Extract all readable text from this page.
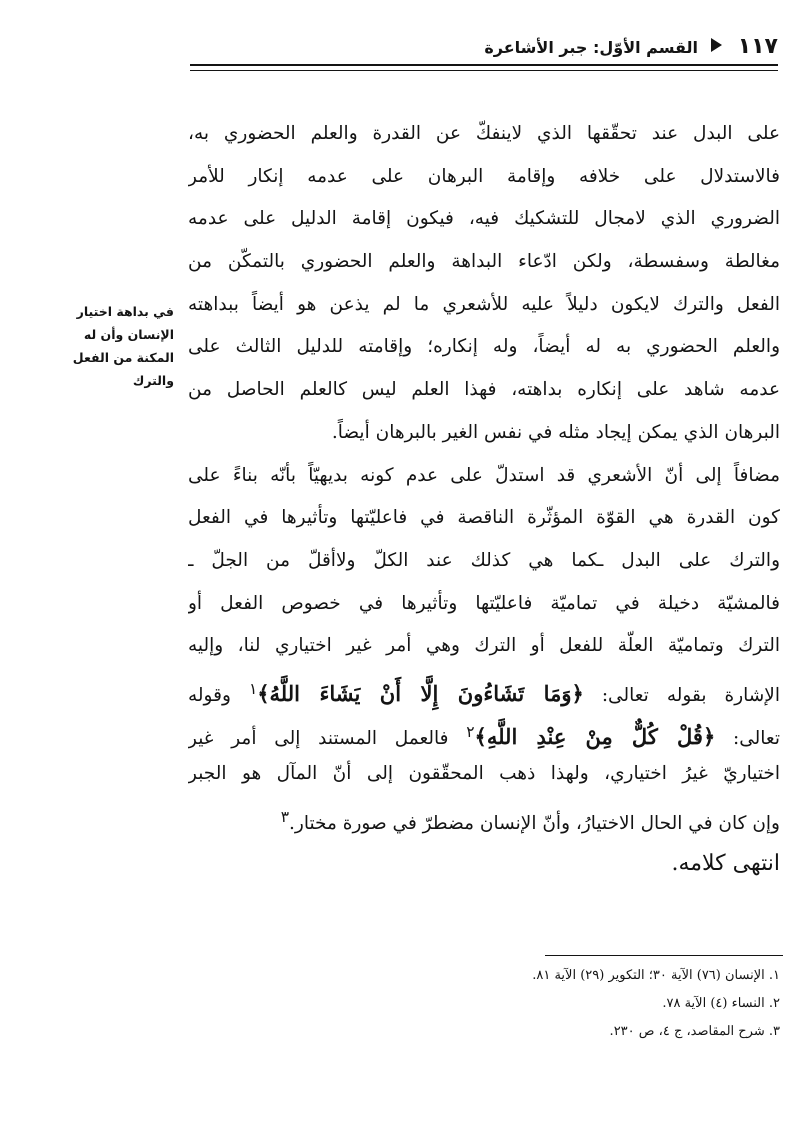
١١٧
القسم الأوّل: جبر الأشاعرة
في بداهة اختيار
الإنسان وأن له
المكنة من الفعل
والترك
على البدل عند تحقّقها الذي لاينفكّ عن القدرة والعلم الحضوري به،
فالاستدلال على خلافه وإقامة البرهان على عدمه إنكار للأمر
الضروري الذي لامجال للتشكيك فيه، فيكون إقامة الدليل على عدمه
مغالطة وسفسطة، ولكن ادّعاء البداهة والعلم الحضوري بالتمكّن من
الفعل والترك لايكون دليلاً عليه للأشعري ما لم يذعن هو أيضاً ببداهته
والعلم الحضوري به له أيضاً، وله إنكاره؛ وإقامته للدليل الثالث على
عدمه شاهد على إنكاره بداهته، فهذا العلم ليس كالعلم الحاصل من
البرهان الذي يمكن إيجاد مثله في نفس الغير بالبرهان أيضاً.
مضافاً إلى أنّ الأشعري قد استدلّ على عدم كونه بديهيّاً بأنّه بناءً على
كون القدرة هي القوّة المؤثّرة الناقصة في فاعليّتها وتأثيرها في الفعل
والترك على البدل ـكما هي كذلك عند الكلّ ولاأقلّ من الجلّ ـ
فالمشيّة دخيلة في تماميّة فاعليّتها وتأثيرها في خصوص الفعل أو
الترك وتماميّة العلّة للفعل أو الترك وهي أمر غير اختياري لنا، وإليه
الإشارة بقوله تعالى: ﴿وَمَا تَشَاءُونَ إِلَّا أَنْ يَشَاءَ اللَّهُ﴾$^١$ وقوله
تعالى: ﴿قُلْ كُلٌّ مِنْ عِنْدِ اللَّهِ﴾$^٢$ فالعمل المستند إلى أمر غير
اختياريّ غيرُ اختياري، ولهذا ذهب المحقّقون إلى أنّ المآل هو الجبر
وإن كان في الحال الاختيارُ، وأنّ الإنسان مضطرّ في صورة مختار.$^٣$
انتهى كلامه.
١. الإنسان (٧٦) الآية ٣٠؛ التكوير (٢٩) الآية ٨١.
٢. النساء (٤) الآية ٧٨.
٣. شرح المقاصد، ج ٤، ص ٢٣٠.
